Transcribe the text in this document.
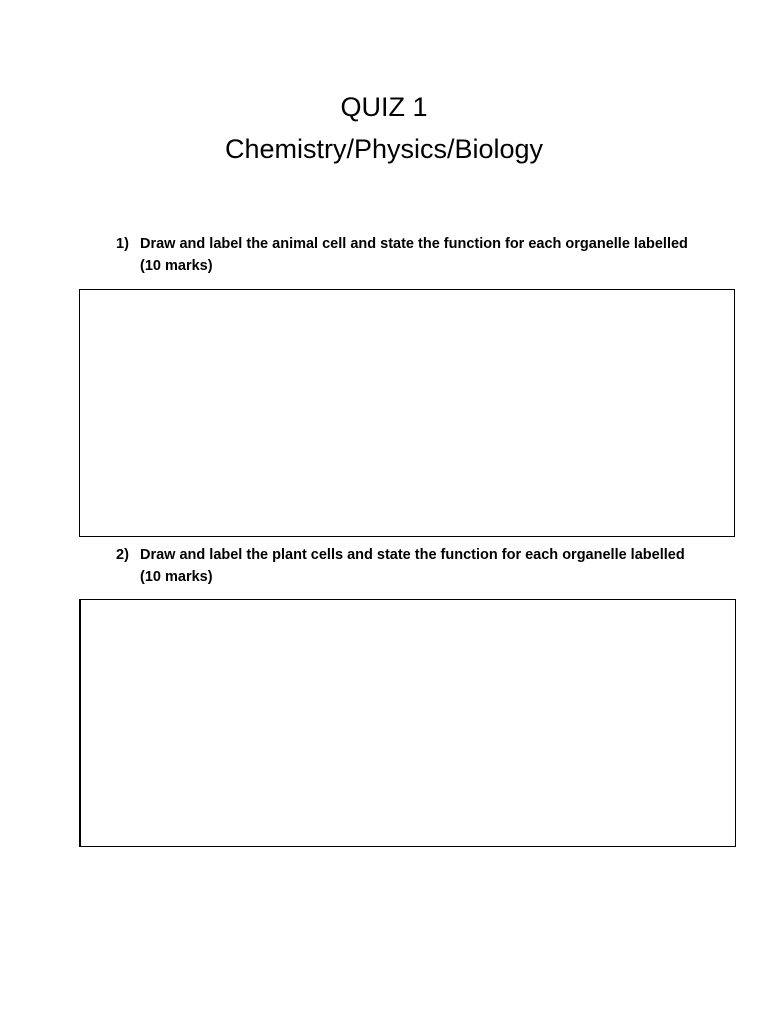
QUIZ 1
Chemistry/Physics/Biology
1) Draw and label the animal cell and state the function for each organelle labelled (10 marks)
2) Draw and label the plant cells and state the function for each organelle labelled (10 marks)
